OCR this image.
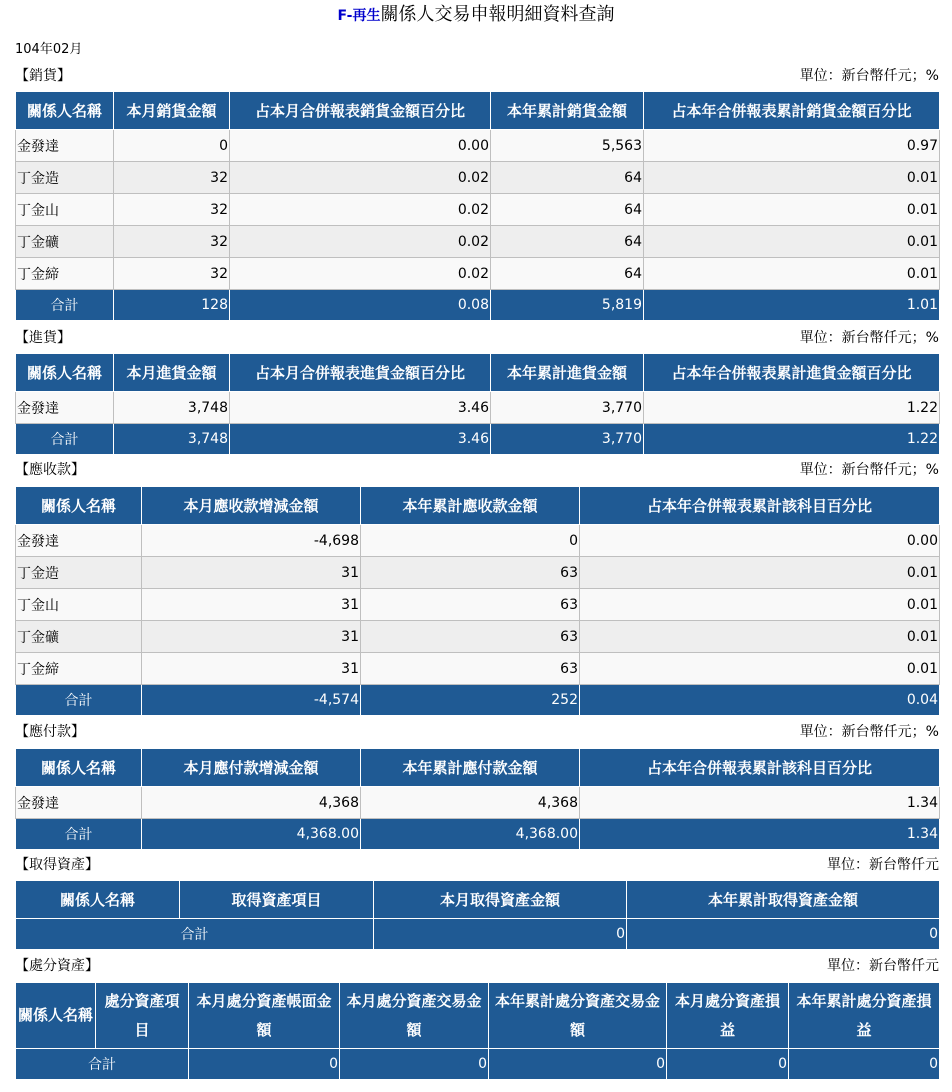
F-再生關係人交易申報明細資料查詢
104年02月
【銷貨】	單位：新台幣仟元；%
關係人名稱	本月銷貨金額	占本月合併報表銷貨金額百分比	本年累計銷貨金額	占本年合併報表累計銷貨金額百分比
金發達	0	0.00	5,563	0.97
丁金造	32	0.02	64	0.01
丁金山	32	0.02	64	0.01
丁金礦	32	0.02	64	0.01
丁金締	32	0.02	64	0.01
合計	128	0.08	5,819	1.01
【進貨】	單位：新台幣仟元；%
關係人名稱	本月進貨金額	占本月合併報表進貨金額百分比	本年累計進貨金額	占本年合併報表累計進貨金額百分比
金發達	3,748	3.46	3,770	1.22
合計	3,748	3.46	3,770	1.22
【應收款】	單位：新台幣仟元；%
關係人名稱	本月應收款增減金額	本年累計應收款金額	占本年合併報表累計該科目百分比
金發達	-4,698	0	0.00
丁金造	31	63	0.01
丁金山	31	63	0.01
丁金礦	31	63	0.01
丁金締	31	63	0.01
合計	-4,574	252	0.04
【應付款】	單位：新台幣仟元；%
關係人名稱	本月應付款增減金額	本年累計應付款金額	占本年合併報表累計該科目百分比
金發達	4,368	4,368	1.34
合計	4,368.00	4,368.00	1.34
【取得資產】	單位：新台幣仟元
關係人名稱	取得資產項目	本月取得資產金額	本年累計取得資產金額
合計		0	0
【處分資產】	單位：新台幣仟元
關係人名稱	處分資產項目	本月處分資產帳面金額	本月處分資產交易金額	本年累計處分資產交易金額	本月處分資產損益	本年累計處分資產損益
合計		0	0	0	0	0
